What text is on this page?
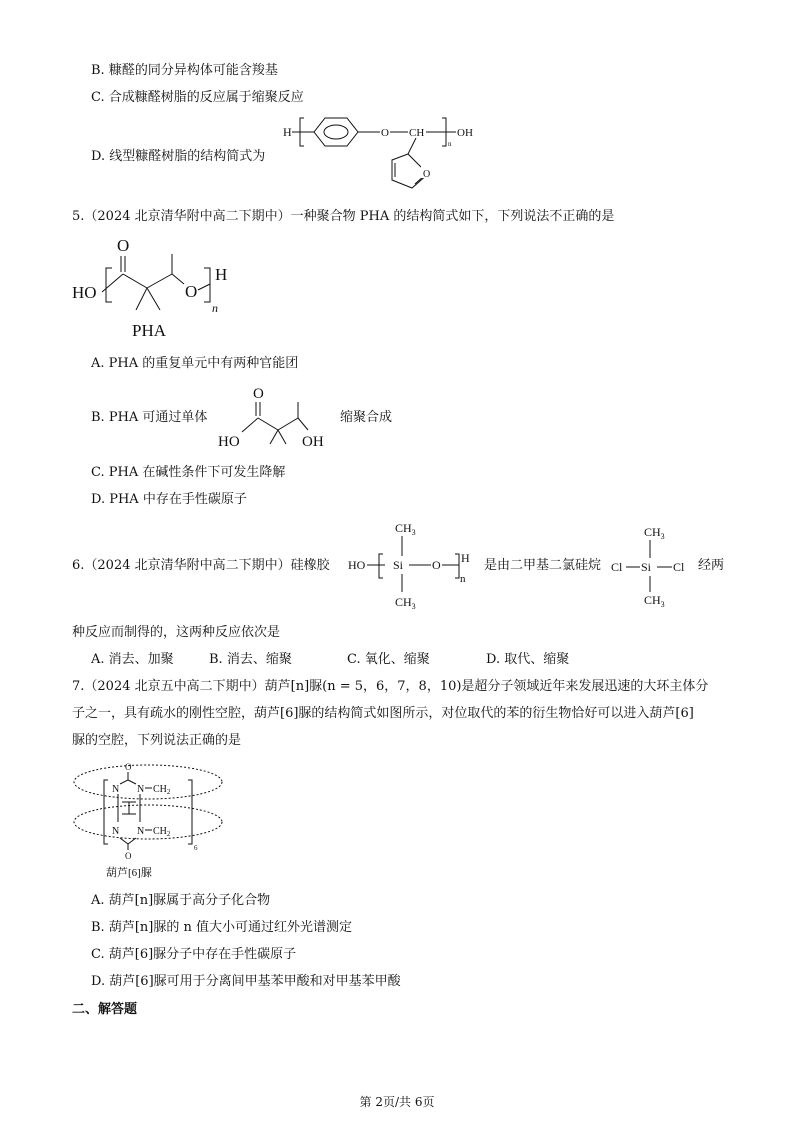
B. 糠醛的同分异构体可能含羧基
C. 合成糠醛树脂的反应属于缩聚反应
D. 线型糠醛树脂的结构简式为
H	O CH
n
OH
O
5.（2024 北京清华附中高二下期中）一种聚合物 PHA 的结构简式如下，下列说法不正确的是
O
HO	O
H
n
PHA
A. PHA 的重复单元中有两种官能团
B. PHA 可通过单体
O
HO	OH
缩聚合成
C. PHA 在碱性条件下可发生降解
D. PHA 中存在手性碳原子
6.（2024 北京清华附中高二下期中）硅橡胶 HO
$CH_3$
Si O H
n
$CH_3$
是由二甲基二氯硅烷
$CH_3$
Cl Si Cl
$CH_3$
经两
种反应而制得的，这两种反应依次是
A. 消去、加聚	B. 消去、缩聚	C. 氧化、缩聚	D. 取代、缩聚
7.（2024 北京五中高二下期中）葫芦[n]脲(n = 5，6，7，8，10)是超分子领域近年来发展迅速的大环主体分
子之一，具有疏水的刚性空腔，葫芦[6]脲的结构简式如图所示，对位取代的苯的衍生物恰好可以进入葫芦[6]
脲的空腔，下列说法正确的是
O
N N $CH_2$
6
N N $CH_2$
O
葫芦[6]脲
A. 葫芦[n]脲属于高分子化合物
B. 葫芦[n]脲的 n 值大小可通过红外光谱测定
C. 葫芦[6]脲分子中存在手性碳原子
D. 葫芦[6]脲可用于分离间甲基苯甲酸和对甲基苯甲酸
二、解答题
第 2页/共 6页
